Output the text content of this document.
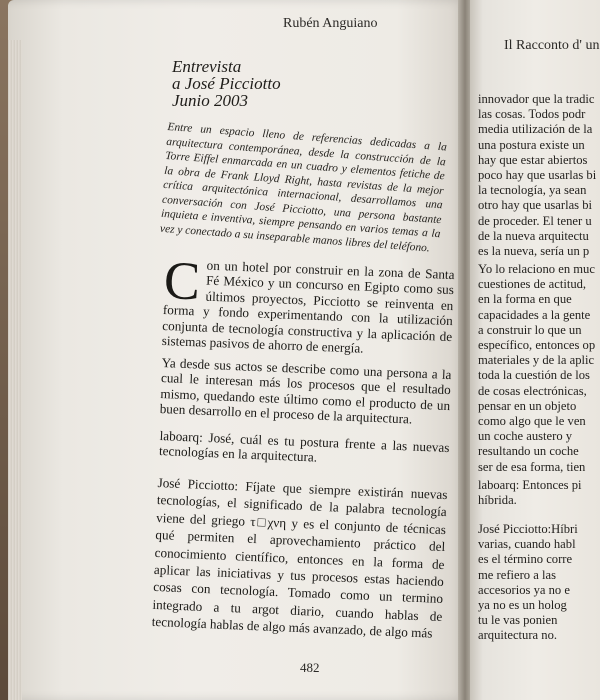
Rubén Anguiano
Entrevista
a José Picciotto
Junio 2003
Entre un espacio lleno de referencias dedicadas a la arquitectura contemporánea, desde la construcción de la Torre Eiffel enmarcada en un cuadro y elementos fetiche de la obra de Frank Lloyd Right, hasta revistas de la mejor crítica arquitectónica internacional, desarrollamos una conversación con José Picciotto, una persona bastante inquieta e inventiva, siempre pensando en varios temas a la vez y conectado a su inseparable manos libres del teléfono.
Con un hotel por construir en la zona de Santa Fé México y un concurso en Egipto como sus últimos proyectos, Picciotto se reinventa en forma y fondo experimentando con la utilización conjunta de tecnología constructiva y la aplicación de sistemas pasivos de ahorro de energía.
Ya desde sus actos se describe como una persona a la cual le interesan más los procesos que el resultado mismo, quedando este último como el producto de un buen desarrollo en el proceso de la arquitectura.
laboarq: José, cuál es tu postura frente a las nuevas tecnologías en la arquitectura.
José Picciotto: Fíjate que siempre existirán nuevas tecnologías, el significado de la palabra tecnología viene del griego τ□χνη y es el conjunto de técnicas qué permiten el aprovechamiento práctico del conocimiento científico, entonces en la forma de aplicar las iniciativas y tus procesos estas haciendo cosas con tecnología. Tomado como un termino integrado a tu argot diario, cuando hablas de tecnología hablas de algo más avanzado, de algo más
482
Il Racconto d' un
innovador que la tradic
las cosas. Todos podr
media utilización de la
una postura existe un
hay que estar abiertos
poco hay que usarlas bi
la tecnología, ya sean
otro hay que usarlas bi
de proceder. El tener u
de la nueva arquitectu
es la nueva, sería un p
Yo lo relaciono en muc
cuestiones de actitud,
en la forma en que
capacidades a la gente
a construir lo que un
específico, entonces op
materiales y de la aplic
toda la cuestión de los
de cosas electrónicas,
pensar en un objeto
como algo que le ven
un coche austero y
resultando un coche
ser de esa forma, tien
laboarq: Entonces pi
híbrida.
José Picciotto:Híbri
varias, cuando habl
es el término corre
me refiero a las
accesorios ya no e
ya no es un holog
tu le vas ponien
arquitectura no.
